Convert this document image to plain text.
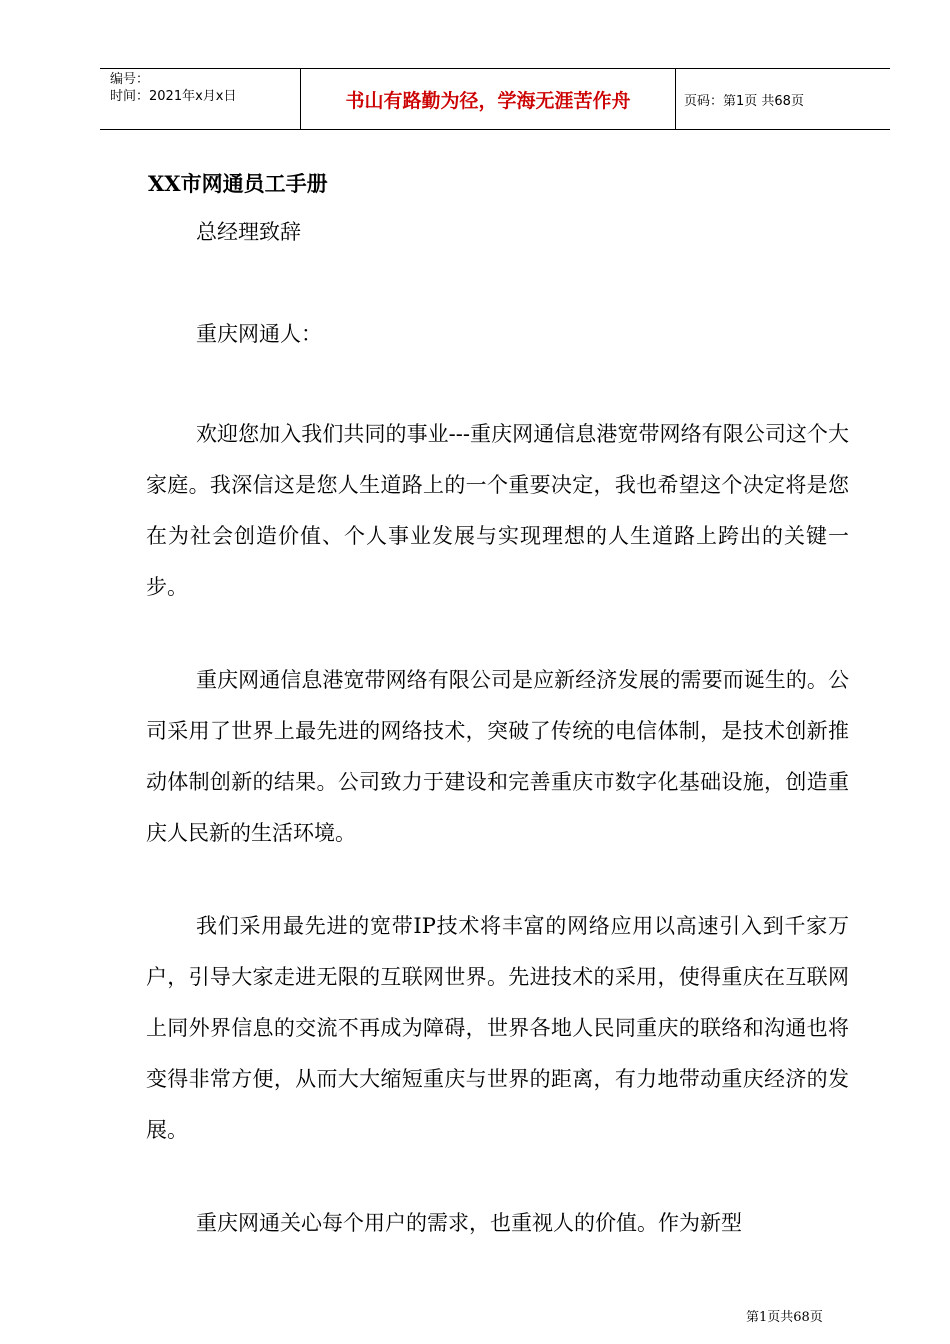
编号：
时间：2021年x月x日	书山有路勤为径，学海无涯苦作舟	页码：第1页 共68页
XX市网通员工手册
总经理致辞
重庆网通人：

欢迎您加入我们共同的事业---重庆网通信息港宽带网络有限公司这个大家庭。我深信这是您人生道路上的一个重要决定，我也希望这个决定将是您在为社会创造价值、个人事业发展与实现理想的人生道路上跨出的关键一步。

重庆网通信息港宽带网络有限公司是应新经济发展的需要而诞生的。公司采用了世界上最先进的网络技术，突破了传统的电信体制，是技术创新推动体制创新的结果。公司致力于建设和完善重庆市数字化基础设施，创造重庆人民新的生活环境。

我们采用最先进的宽带IP技术将丰富的网络应用以高速引入到千家万户，引导大家走进无限的互联网世界。先进技术的采用，使得重庆在互联网上同外界信息的交流不再成为障碍，世界各地人民同重庆的联络和沟通也将变得非常方便，从而大大缩短重庆与世界的距离，有力地带动重庆经济的发展。

重庆网通关心每个用户的需求，也重视人的价值。作为新型

第1页共68页
